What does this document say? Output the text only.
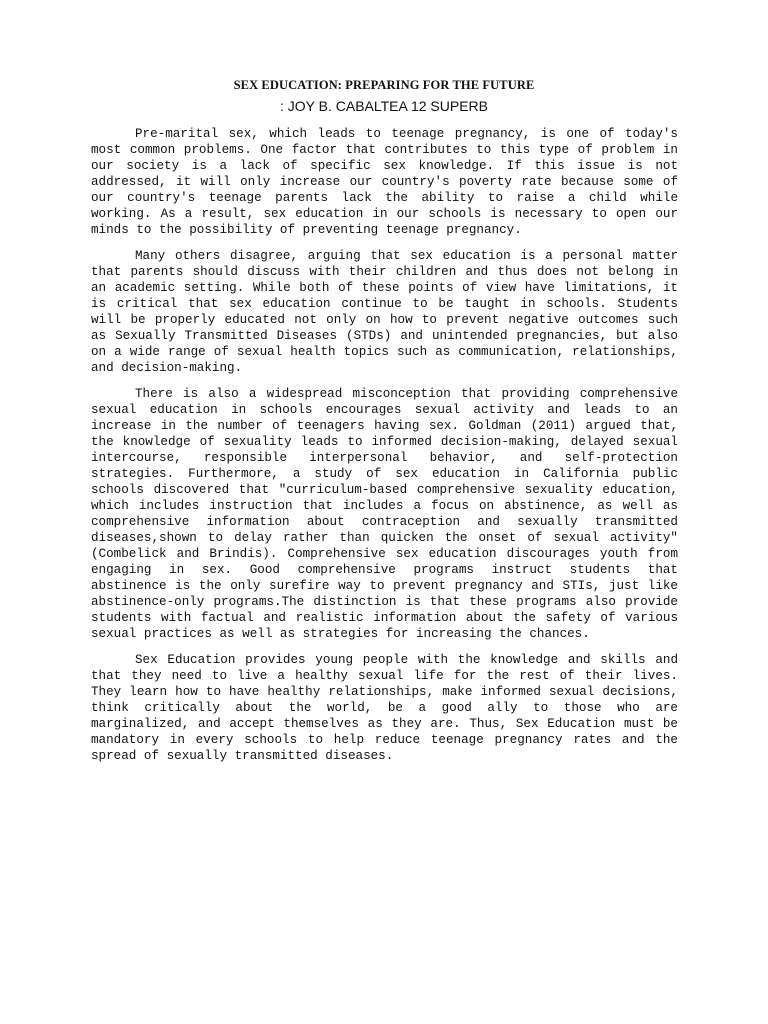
SEX EDUCATION: PREPARING FOR THE FUTURE

: JOY B. CABALTEA 12 SUPERB

Pre-marital sex, which leads to teenage pregnancy, is one of today's most common problems. One factor that contributes to this type of problem in our society is a lack of specific sex knowledge. If this issue is not addressed, it will only increase our country's poverty rate because some of our country's teenage parents lack the ability to raise a child while working. As a result, sex education in our schools is necessary to open our minds to the possibility of preventing teenage pregnancy.

Many others disagree, arguing that sex education is a personal matter that parents should discuss with their children and thus does not belong in an academic setting. While both of these points of view have limitations, it is critical that sex education continue to be taught in schools. Students will be properly educated not only on how to prevent negative outcomes such as Sexually Transmitted Diseases (STDs) and unintended pregnancies, but also on a wide range of sexual health topics such as communication, relationships, and decision-making.

There is also a widespread misconception that providing comprehensive sexual education in schools encourages sexual activity and leads to an increase in the number of teenagers having sex. Goldman (2011) argued that, the knowledge of sexuality leads to informed decision-making, delayed sexual intercourse, responsible interpersonal behavior, and self-protection strategies. Furthermore, a study of sex education in California public schools discovered that "curriculum-based comprehensive sexuality education, which includes instruction that includes a focus on abstinence, as well as comprehensive information about contraception and sexually transmitted diseases,shown to delay rather than quicken the onset of sexual activity" (Combelick and Brindis). Comprehensive sex education discourages youth from engaging in sex. Good comprehensive programs instruct students that abstinence is the only surefire way to prevent pregnancy and STIs, just like abstinence-only programs.The distinction is that these programs also provide students with factual and realistic information about the safety of various sexual practices as well as strategies for increasing the chances.

Sex Education provides young people with the knowledge and skills and that they need to live a healthy sexual life for the rest of their lives. They learn how to have healthy relationships, make informed sexual decisions, think critically about the world, be a good ally to those who are marginalized, and accept themselves as they are. Thus, Sex Education must be mandatory in every schools to help reduce teenage pregnancy rates and the spread of sexually transmitted diseases.
